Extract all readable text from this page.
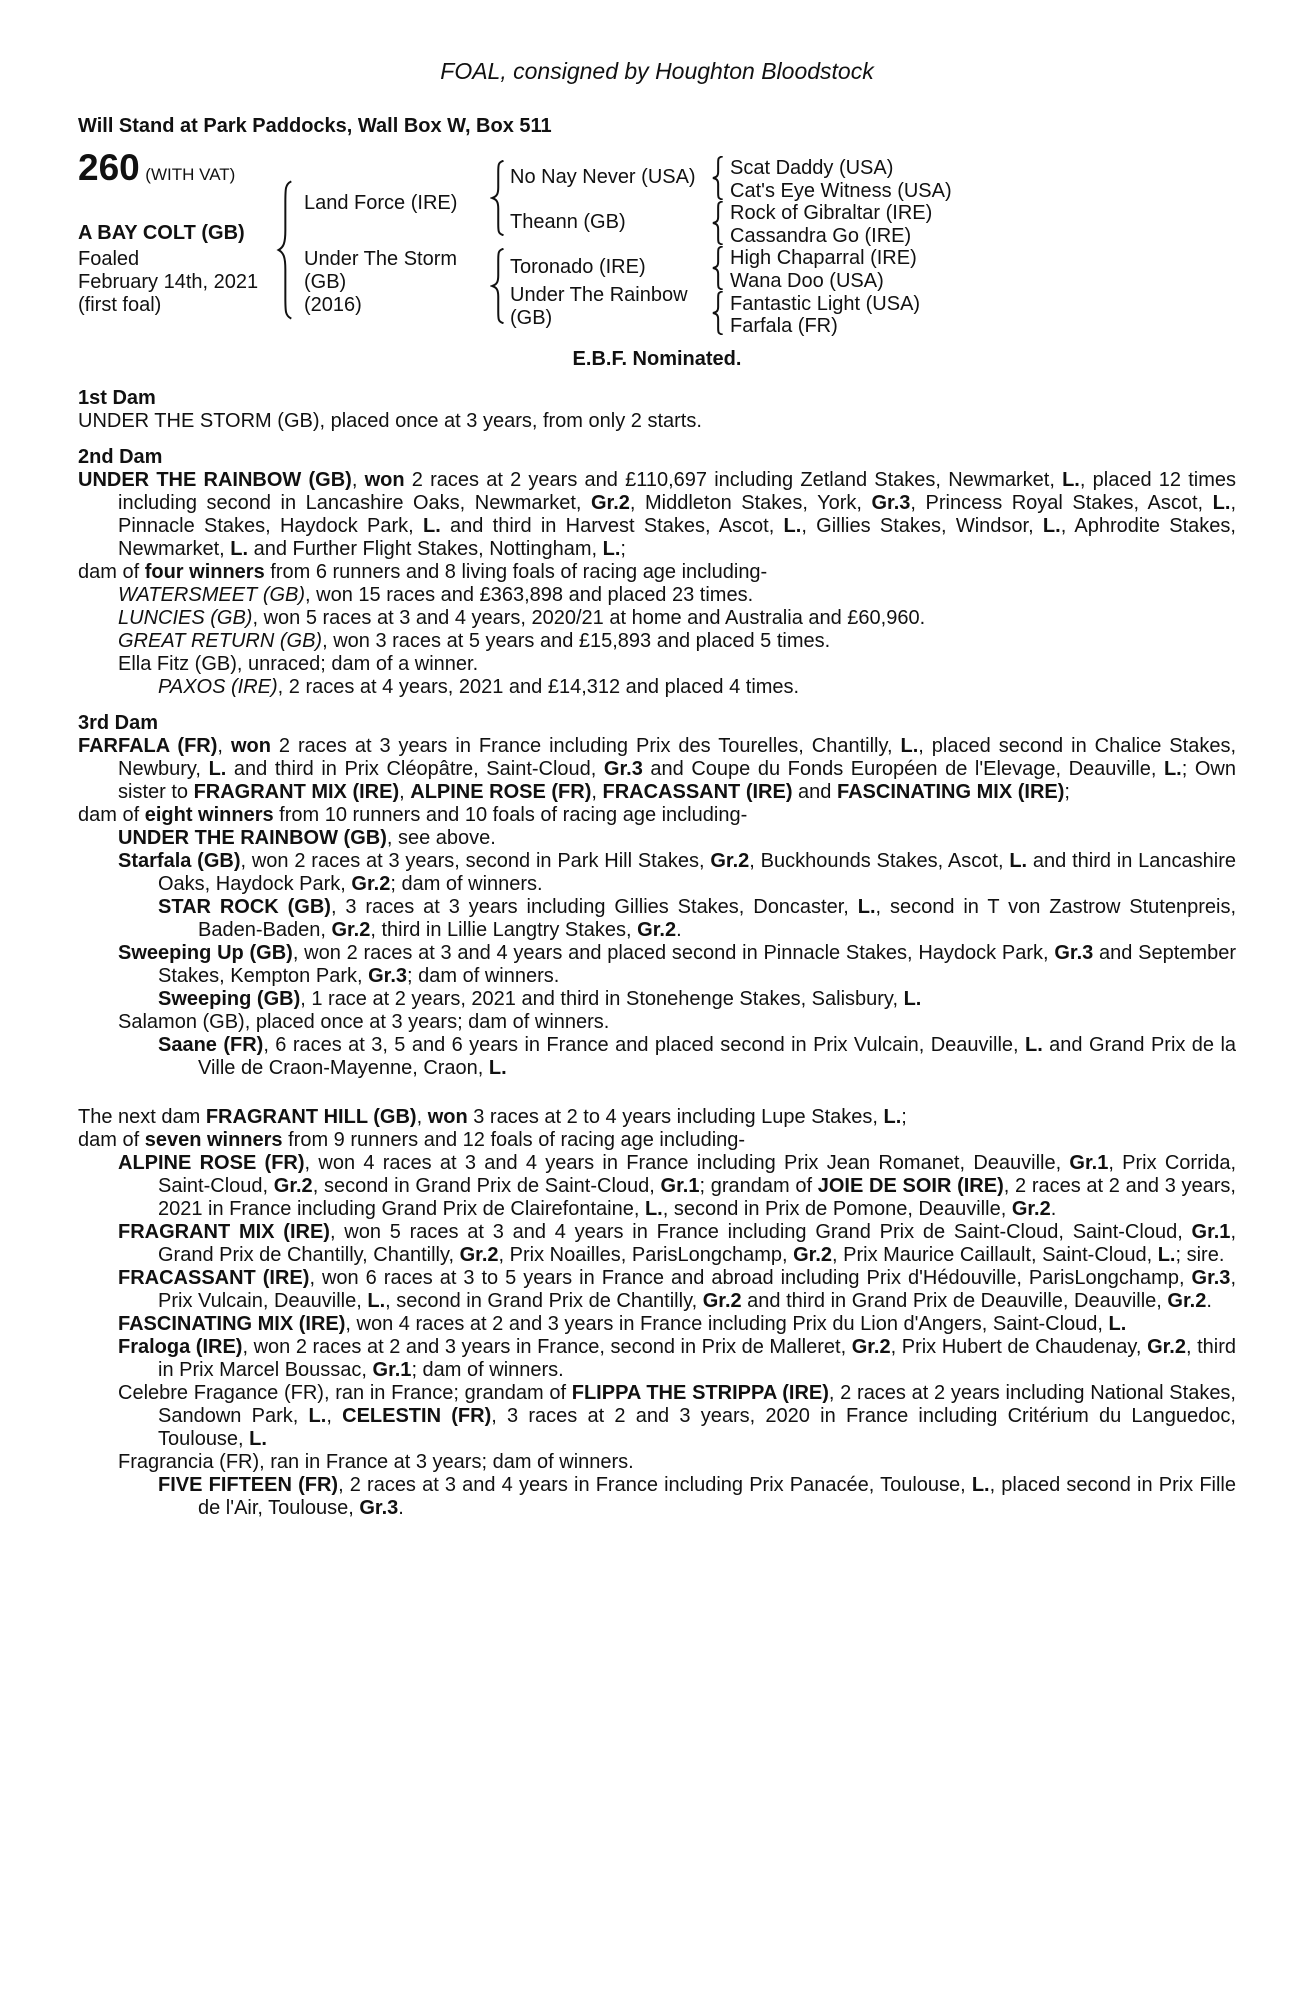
FOAL, consigned by Houghton Bloodstock
Will Stand at Park Paddocks, Wall Box W, Box 511
260 (WITH VAT)
A BAY COLT (GB)
Foaled
February 14th, 2021
(first foal)
Land Force (IRE)
Under The Storm
(GB)
(2016)
No Nay Never (USA)
Theann (GB)
Toronado (IRE)
Under The Rainbow
(GB)
Scat Daddy (USA)
Cat's Eye Witness (USA)
Rock of Gibraltar (IRE)
Cassandra Go (IRE)
High Chaparral (IRE)
Wana Doo (USA)
Fantastic Light (USA)
Farfala (FR)
E.B.F. Nominated.

1st Dam

UNDER THE STORM (GB), placed once at 3 years, from only 2 starts.

2nd Dam

UNDER THE RAINBOW (GB), won 2 races at 2 years and £110,697 including Zetland Stakes, Newmarket, L., placed 12 times including second in Lancashire Oaks, Newmarket, Gr.2, Middleton Stakes, York, Gr.3, Princess Royal Stakes, Ascot, L., Pinnacle Stakes, Haydock Park, L. and third in Harvest Stakes, Ascot, L., Gillies Stakes, Windsor, L., Aphrodite Stakes, Newmarket, L. and Further Flight Stakes, Nottingham, L.;

dam of four winners from 6 runners and 8 living foals of racing age including-

WATERSMEET (GB), won 15 races and £363,898 and placed 23 times.

LUNCIES (GB), won 5 races at 3 and 4 years, 2020/21 at home and Australia and £60,960.

GREAT RETURN (GB), won 3 races at 5 years and £15,893 and placed 5 times.

Ella Fitz (GB), unraced; dam of a winner.

PAXOS (IRE), 2 races at 4 years, 2021 and £14,312 and placed 4 times.

3rd Dam

FARFALA (FR), won 2 races at 3 years in France including Prix des Tourelles, Chantilly, L., placed second in Chalice Stakes, Newbury, L. and third in Prix Cléopâtre, Saint-Cloud, Gr.3 and Coupe du Fonds Européen de l'Elevage, Deauville, L.; Own sister to FRAGRANT MIX (IRE), ALPINE ROSE (FR), FRACASSANT (IRE) and FASCINATING MIX (IRE);

dam of eight winners from 10 runners and 10 foals of racing age including-

UNDER THE RAINBOW (GB), see above.

Starfala (GB), won 2 races at 3 years, second in Park Hill Stakes, Gr.2, Buckhounds Stakes, Ascot, L. and third in Lancashire Oaks, Haydock Park, Gr.2; dam of winners.

STAR ROCK (GB), 3 races at 3 years including Gillies Stakes, Doncaster, L., second in T von Zastrow Stutenpreis, Baden-Baden, Gr.2, third in Lillie Langtry Stakes, Gr.2.

Sweeping Up (GB), won 2 races at 3 and 4 years and placed second in Pinnacle Stakes, Haydock Park, Gr.3 and September Stakes, Kempton Park, Gr.3; dam of winners.

Sweeping (GB), 1 race at 2 years, 2021 and third in Stonehenge Stakes, Salisbury, L.

Salamon (GB), placed once at 3 years; dam of winners.

Saane (FR), 6 races at 3, 5 and 6 years in France and placed second in Prix Vulcain, Deauville, L. and Grand Prix de la Ville de Craon-Mayenne, Craon, L.

The next dam FRAGRANT HILL (GB), won 3 races at 2 to 4 years including Lupe Stakes, L.;

dam of seven winners from 9 runners and 12 foals of racing age including-

ALPINE ROSE (FR), won 4 races at 3 and 4 years in France including Prix Jean Romanet, Deauville, Gr.1, Prix Corrida, Saint-Cloud, Gr.2, second in Grand Prix de Saint-Cloud, Gr.1; grandam of JOIE DE SOIR (IRE), 2 races at 2 and 3 years, 2021 in France including Grand Prix de Clairefontaine, L., second in Prix de Pomone, Deauville, Gr.2.

FRAGRANT MIX (IRE), won 5 races at 3 and 4 years in France including Grand Prix de Saint-Cloud, Saint-Cloud, Gr.1, Grand Prix de Chantilly, Chantilly, Gr.2, Prix Noailles, ParisLongchamp, Gr.2, Prix Maurice Caillault, Saint-Cloud, L.; sire.

FRACASSANT (IRE), won 6 races at 3 to 5 years in France and abroad including Prix d'Hédouville, ParisLongchamp, Gr.3, Prix Vulcain, Deauville, L., second in Grand Prix de Chantilly, Gr.2 and third in Grand Prix de Deauville, Deauville, Gr.2.

FASCINATING MIX (IRE), won 4 races at 2 and 3 years in France including Prix du Lion d'Angers, Saint-Cloud, L.

Fraloga (IRE), won 2 races at 2 and 3 years in France, second in Prix de Malleret, Gr.2, Prix Hubert de Chaudenay, Gr.2, third in Prix Marcel Boussac, Gr.1; dam of winners.

Celebre Fragance (FR), ran in France; grandam of FLIPPA THE STRIPPA (IRE), 2 races at 2 years including National Stakes, Sandown Park, L., CELESTIN (FR), 3 races at 2 and 3 years, 2020 in France including Critérium du Languedoc, Toulouse, L.

Fragrancia (FR), ran in France at 3 years; dam of winners.

FIVE FIFTEEN (FR), 2 races at 3 and 4 years in France including Prix Panacée, Toulouse, L., placed second in Prix Fille de l'Air, Toulouse, Gr.3.
